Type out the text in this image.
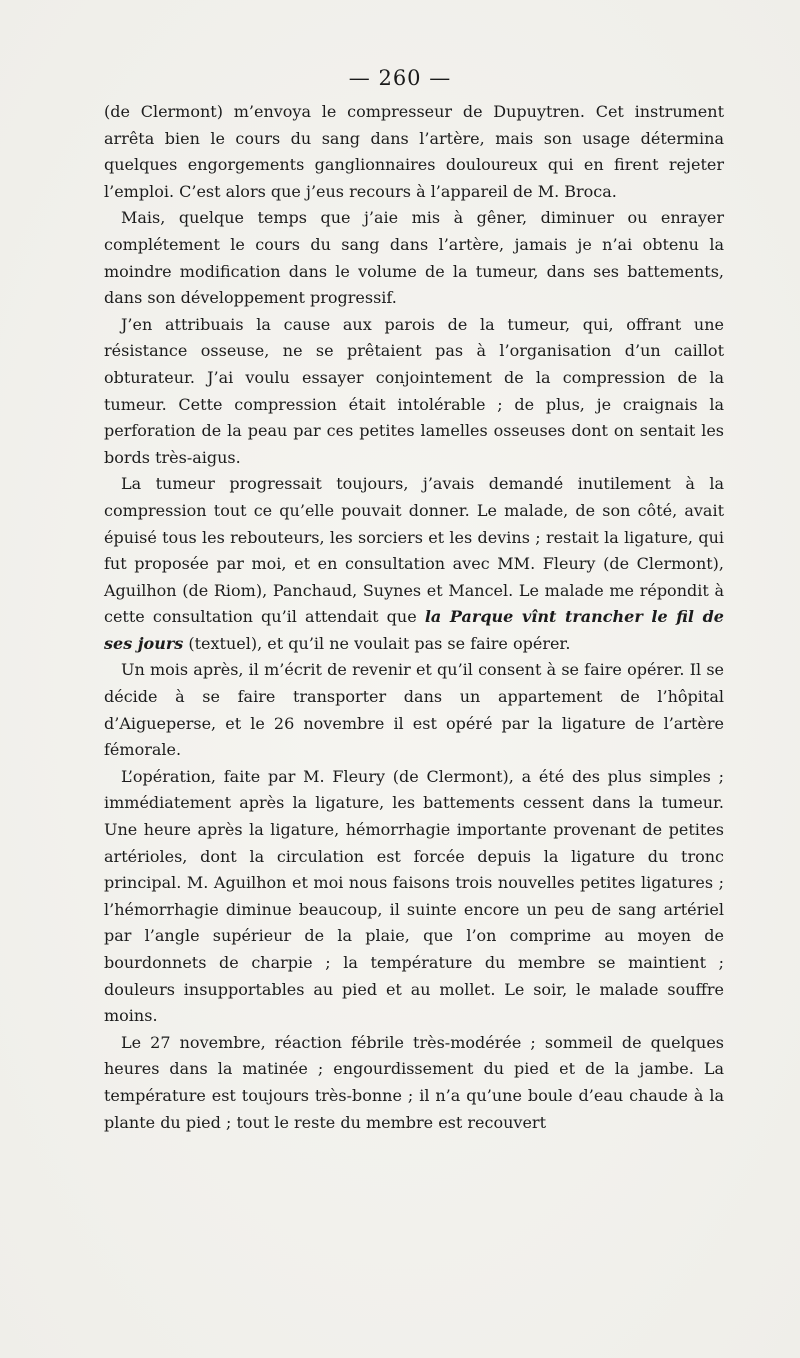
— 260 —

(de Clermont) m’envoya le compresseur de Dupuytren. Cet instrument arrêta bien le cours du sang dans l’artère, mais son usage détermina quelques engorgements ganglionnaires douloureux qui en firent rejeter l’emploi. C’est alors que j’eus recours à l’appareil de M. Broca.

Mais, quelque temps que j’aie mis à gêner, diminuer ou enrayer complétement le cours du sang dans l’artère, jamais je n’ai obtenu la moindre modification dans le volume de la tumeur, dans ses battements, dans son développement progressif.

J’en attribuais la cause aux parois de la tumeur, qui, offrant une résistance osseuse, ne se prêtaient pas à l’organisation d’un caillot obturateur. J’ai voulu essayer conjointement de la compression de la tumeur. Cette compression était intolérable ; de plus, je craignais la perforation de la peau par ces petites lamelles osseuses dont on sentait les bords très-aigus.

La tumeur progressait toujours, j’avais demandé inutilement à la compression tout ce qu’elle pouvait donner. Le malade, de son côté, avait épuisé tous les rebouteurs, les sorciers et les devins ; restait la ligature, qui fut proposée par moi, et en consultation avec MM. Fleury (de Clermont), Aguilhon (de Riom), Panchaud, Suynes et Mancel. Le malade me répondit à cette consultation qu’il attendait que la Parque vînt trancher le fil de ses jours (textuel), et qu’il ne voulait pas se faire opérer.

Un mois après, il m’écrit de revenir et qu’il consent à se faire opérer. Il se décide à se faire transporter dans un appartement de l’hôpital d’Aigueperse, et le 26 novembre il est opéré par la ligature de l’artère fémorale.

L’opération, faite par M. Fleury (de Clermont), a été des plus simples ; immédiatement après la ligature, les battements cessent dans la tumeur. Une heure après la ligature, hémorrhagie importante provenant de petites artérioles, dont la circulation est forcée depuis la ligature du tronc principal. M. Aguilhon et moi nous faisons trois nouvelles petites ligatures ; l’hémorrhagie diminue beaucoup, il suinte encore un peu de sang artériel par l’angle supérieur de la plaie, que l’on comprime au moyen de bourdonnets de charpie ; la température du membre se maintient ; douleurs insupportables au pied et au mollet. Le soir, le malade souffre moins.

Le 27 novembre, réaction fébrile très-modérée ; sommeil de quelques heures dans la matinée ; engourdissement du pied et de la jambe. La température est toujours très-bonne ; il n’a qu’une boule d’eau chaude à la plante du pied ; tout le reste du membre est recouvert
